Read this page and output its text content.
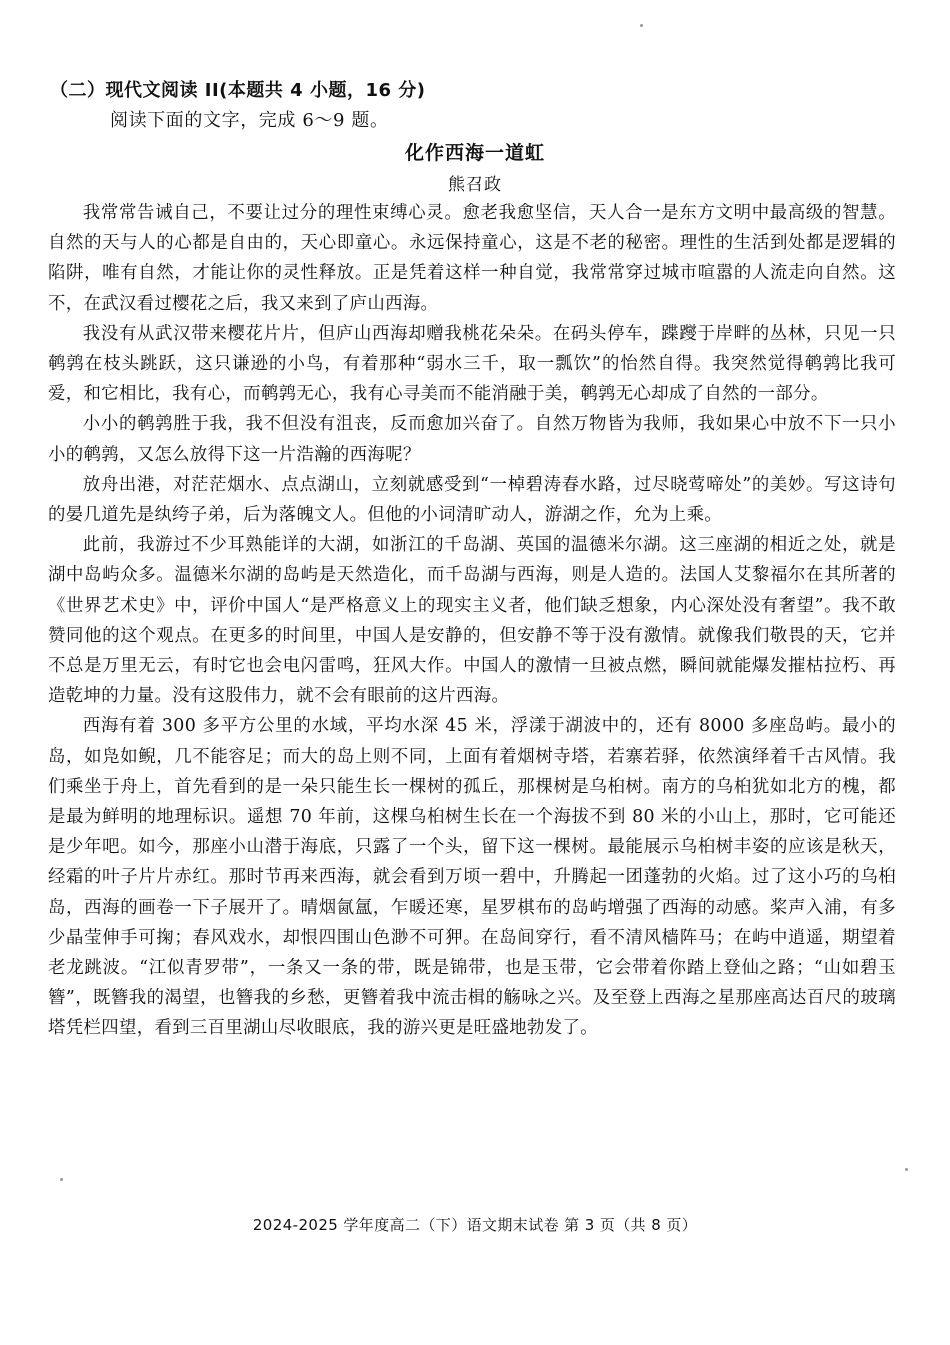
（二）现代文阅读 II(本题共 4 小题，16 分)
阅读下面的文字，完成 6～9 题。
化作西海一道虹
熊召政

我常常告诫自己，不要让过分的理性束缚心灵。愈老我愈坚信，天人合一是东方文明中最高级的智慧。自然的天与人的心都是自由的，天心即童心。永远保持童心，这是不老的秘密。理性的生活到处都是逻辑的陷阱，唯有自然，才能让你的灵性释放。正是凭着这样一种自觉，我常常穿过城市喧嚣的人流走向自然。这不，在武汉看过樱花之后，我又来到了庐山西海。

我没有从武汉带来樱花片片，但庐山西海却赠我桃花朵朵。在码头停车，蹀躞于岸畔的丛林，只见一只鹌鹑在枝头跳跃，这只谦逊的小鸟，有着那种“弱水三千，取一瓢饮”的怡然自得。我突然觉得鹌鹑比我可爱，和它相比，我有心，而鹌鹑无心，我有心寻美而不能消融于美，鹌鹑无心却成了自然的一部分。

小小的鹌鹑胜于我，我不但没有沮丧，反而愈加兴奋了。自然万物皆为我师，我如果心中放不下一只小小的鹌鹑，又怎么放得下这一片浩瀚的西海呢？

放舟出港，对茫茫烟水、点点湖山，立刻就感受到“一棹碧涛春水路，过尽晓莺啼处”的美妙。写这诗句的晏几道先是纨绔子弟，后为落魄文人。但他的小词清旷动人，游湖之作，允为上乘。

此前，我游过不少耳熟能详的大湖，如浙江的千岛湖、英国的温德米尔湖。这三座湖的相近之处，就是湖中岛屿众多。温德米尔湖的岛屿是天然造化，而千岛湖与西海，则是人造的。法国人艾黎福尔在其所著的《世界艺术史》中，评价中国人“是严格意义上的现实主义者，他们缺乏想象，内心深处没有奢望”。我不敢赞同他的这个观点。在更多的时间里，中国人是安静的，但安静不等于没有激情。就像我们敬畏的天，它并不总是万里无云，有时它也会电闪雷鸣，狂风大作。中国人的激情一旦被点燃，瞬间就能爆发摧枯拉朽、再造乾坤的力量。没有这股伟力，就不会有眼前的这片西海。

西海有着 300 多平方公里的水域，平均水深 45 米，浮漾于湖波中的，还有 8000 多座岛屿。最小的岛，如凫如鲵，几不能容足；而大的岛上则不同，上面有着烟树寺塔，若寨若驿，依然演绎着千古风情。我们乘坐于舟上，首先看到的是一朵只能生长一棵树的孤丘，那棵树是乌桕树。南方的乌桕犹如北方的槐，都是最为鲜明的地理标识。遥想 70 年前，这棵乌桕树生长在一个海拔不到 80 米的小山上，那时，它可能还是少年吧。如今，那座小山潜于海底，只露了一个头，留下这一棵树。最能展示乌桕树丰姿的应该是秋天，经霜的叶子片片赤红。那时节再来西海，就会看到万顷一碧中，升腾起一团蓬勃的火焰。过了这小巧的乌桕岛，西海的画卷一下子展开了。晴烟氤氲，乍暖还寒，星罗棋布的岛屿增强了西海的动感。桨声入浦，有多少晶莹伸手可掬；春风戏水，却恨四围山色渺不可狎。在岛间穿行，看不清风樯阵马；在屿中逍遥，期望着老龙跳波。“江似青罗带”，一条又一条的带，既是锦带，也是玉带，它会带着你踏上登仙之路；“山如碧玉簪”，既簪我的渴望，也簪我的乡愁，更簪着我中流击楫的觞咏之兴。及至登上西海之星那座高达百尺的玻璃塔凭栏四望，看到三百里湖山尽收眼底，我的游兴更是旺盛地勃发了。

2024-2025 学年度高二（下）语文期末试卷 第 3 页（共 8 页）
